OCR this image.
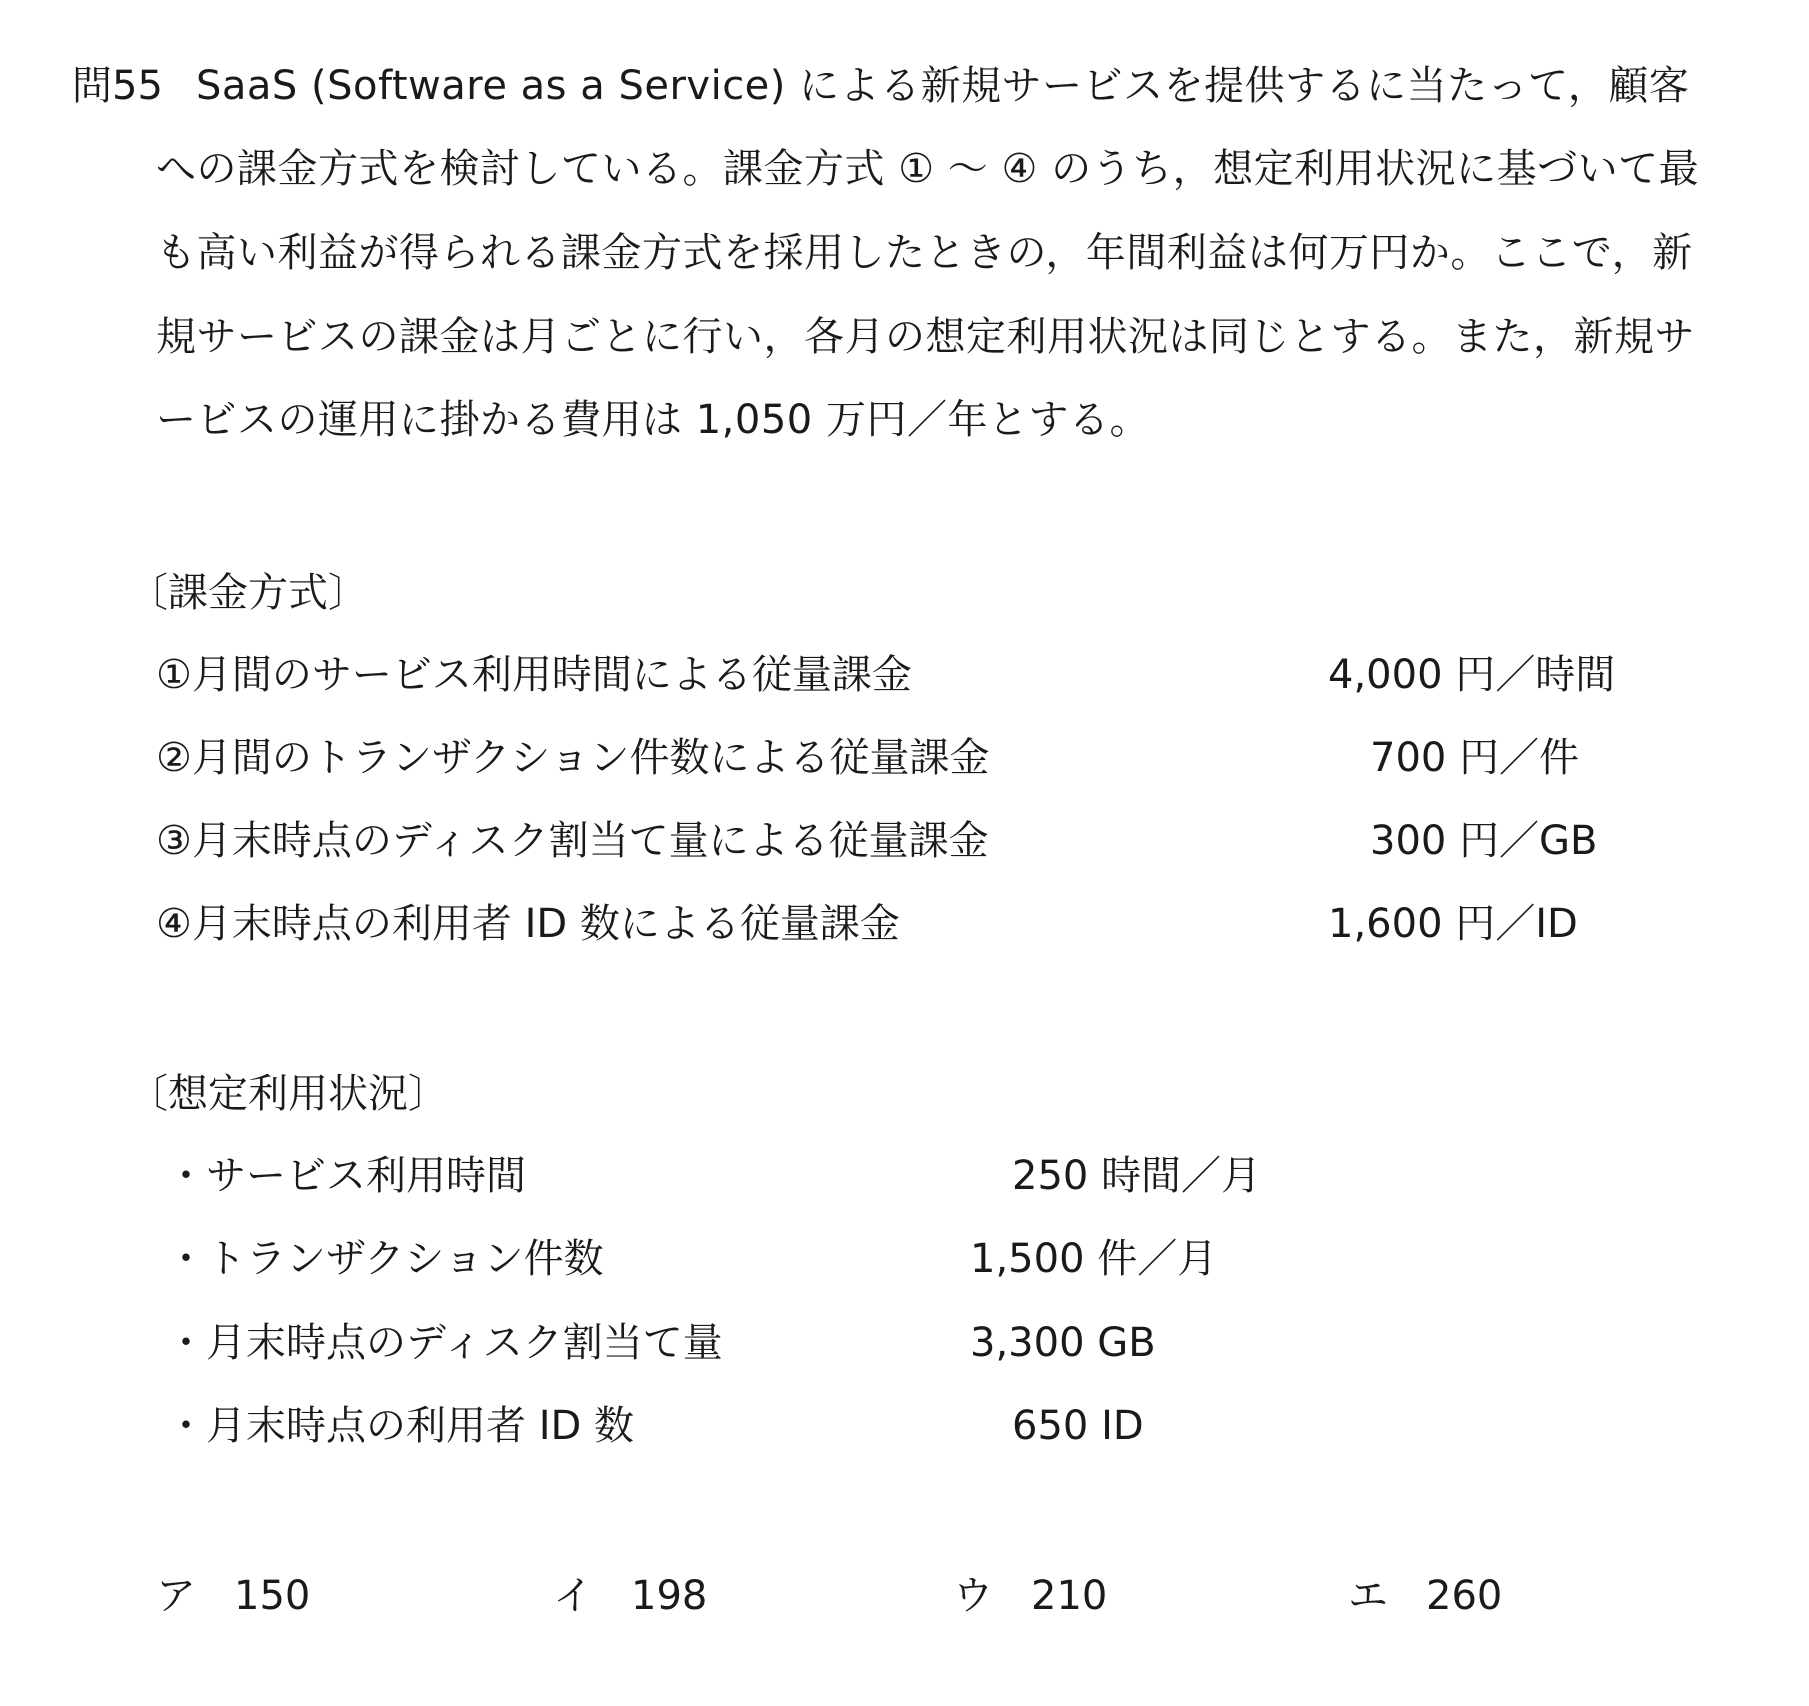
問55 SaaS (Software as a Service) による新規サービスを提供するに当たって，顧客
への課金方式を検討している。課金方式 ① ～ ④ のうち，想定利用状況に基づいて最
も高い利益が得られる課金方式を採用したときの，年間利益は何万円か。ここで，新
規サービスの課金は月ごとに行い，各月の想定利用状況は同じとする。また，新規サ
ービスの運用に掛かる費用は 1,050 万円／年とする。
〔課金方式〕
①月間のサービス利用時間による従量課金	4,000 円／時間
②月間のトランザクション件数による従量課金	700 円／件
③月末時点のディスク割当て量による従量課金	300 円／GB
④月末時点の利用者 ID 数による従量課金	1,600 円／ID
〔想定利用状況〕
・サービス利用時間	250 時間／月
・トランザクション件数	1,500 件／月
・月末時点のディスク割当て量	3,300 GB
・月末時点の利用者 ID 数	650 ID
ア 150	イ 198	ウ 210	エ 260
